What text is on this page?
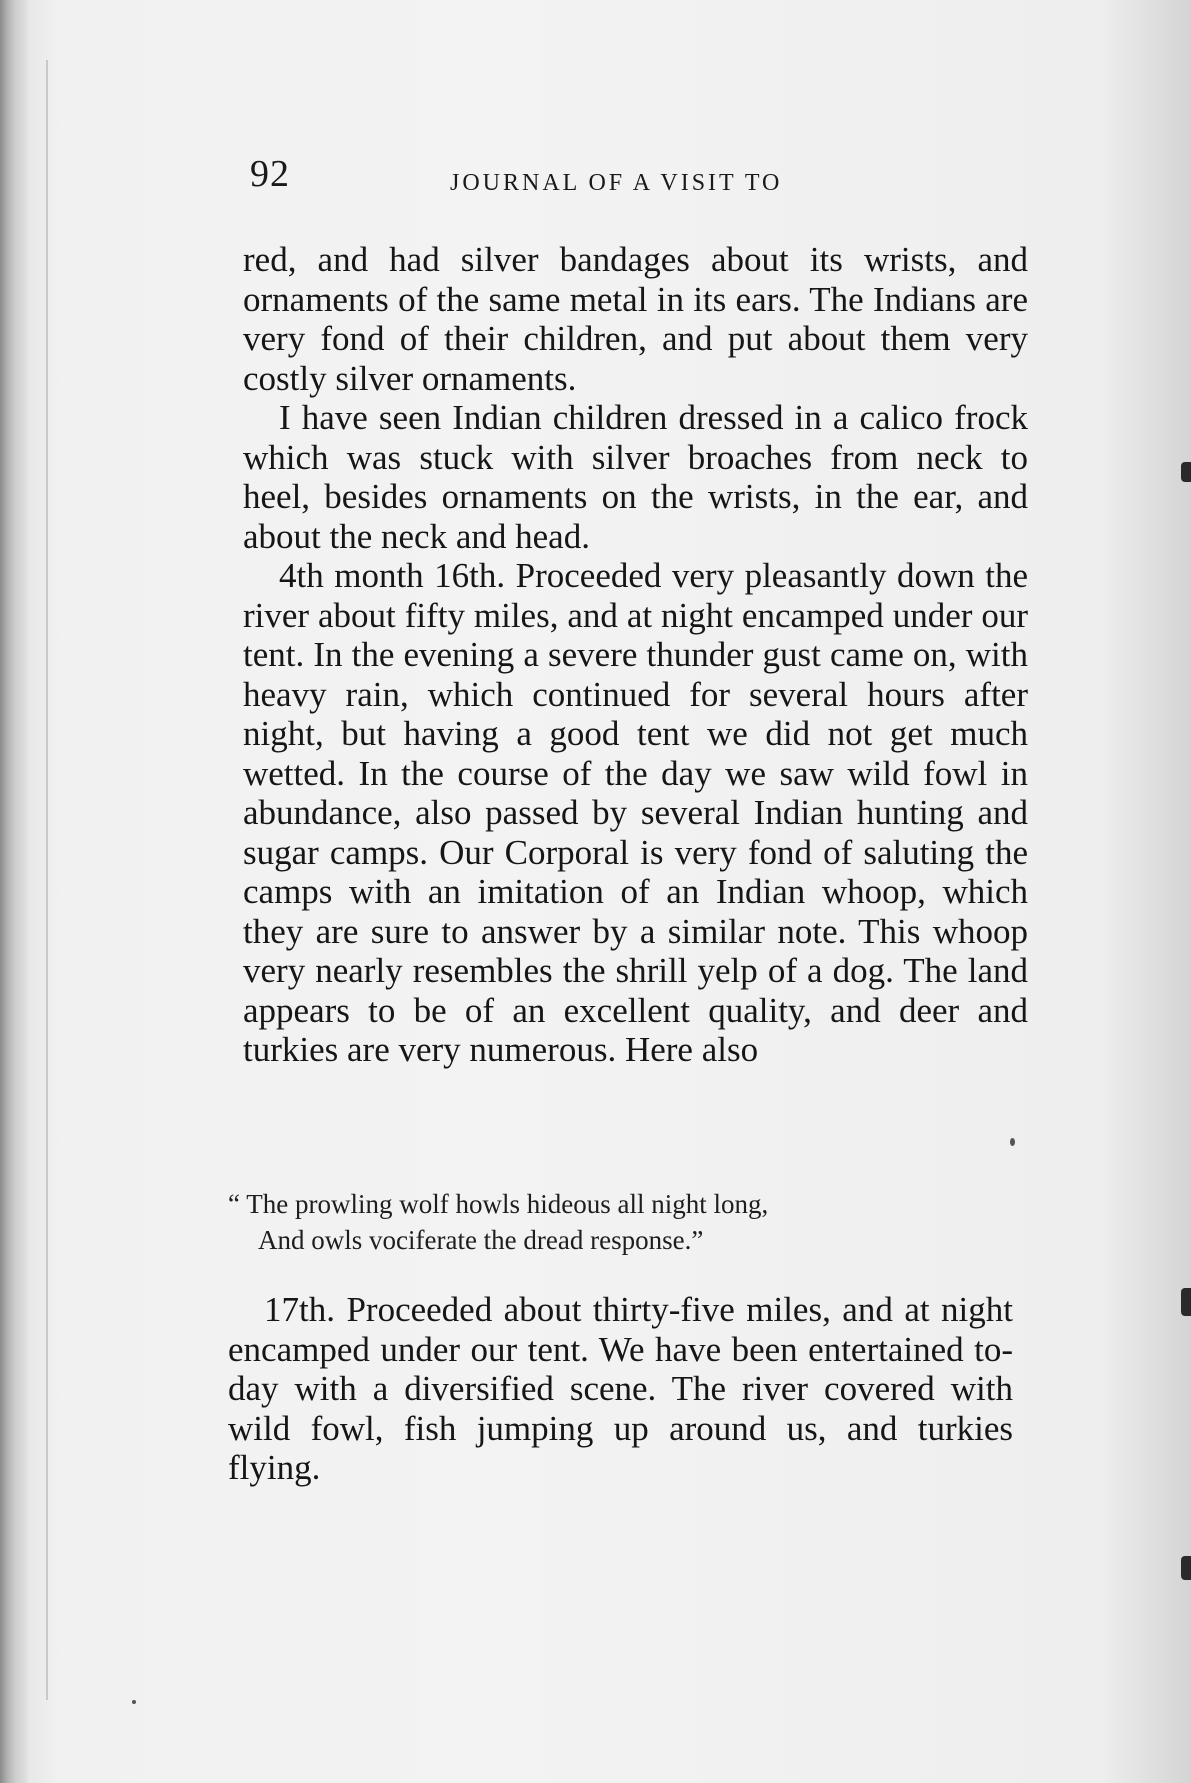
92	JOURNAL OF A VISIT TO

red, and had silver bandages about its wrists, and ornaments of the same metal in its ears. The Indians are very fond of their children, and put about them very costly silver ornaments.

I have seen Indian children dressed in a calico frock which was stuck with silver broaches from neck to heel, besides ornaments on the wrists, in the ear, and about the neck and head.

4th month 16th. Proceeded very pleasantly down the river about fifty miles, and at night encamped under our tent. In the evening a severe thunder gust came on, with heavy rain, which continued for several hours after night, but having a good tent we did not get much wetted. In the course of the day we saw wild fowl in abundance, also passed by several Indian hunting and sugar camps. Our Corporal is very fond of saluting the camps with an imitation of an Indian whoop, which they are sure to answer by a similar note. This whoop very nearly resembles the shrill yelp of a dog. The land appears to be of an excellent quality, and deer and turkies are very numerous. Here also

“ The prowling wolf howls hideous all night long,
And owls vociferate the dread response.”

17th. Proceeded about thirty-five miles, and at night encamped under our tent. We have been entertained to-day with a diversified scene. The river covered with wild fowl, fish jumping up around us, and turkies flying.
